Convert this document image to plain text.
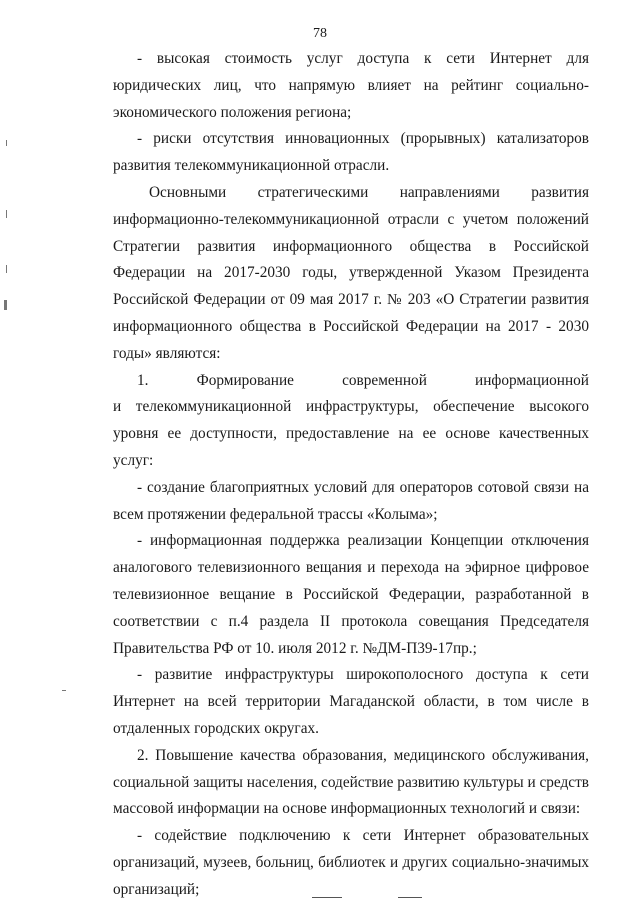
78

- высокая стоимость услуг доступа к сети Интернет для юридических лиц, что напрямую влияет на рейтинг социально-экономического положения региона;

- риски отсутствия инновационных (прорывных) катализаторов развития телекоммуникационной отрасли.

Основными стратегическими направлениями развития информационно-телекоммуникационной отрасли с учетом положений Стратегии развития информационного общества в Российской Федерации на 2017-2030 годы, утвержденной Указом Президента Российской Федерации от 09 мая 2017 г. № 203 «О Стратегии развития информационного общества в Российской Федерации на 2017 - 2030 годы» являются:

1. Формирование современной информационной

и телекоммуникационной инфраструктуры, обеспечение высокого уровня ее доступности, предоставление на ее основе качественных услуг:

- создание благоприятных условий для операторов сотовой связи на всем протяжении федеральной трассы «Колыма»;

- информационная поддержка реализации Концепции отключения аналогового телевизионного вещания и перехода на эфирное цифровое телевизионное вещание в Российской Федерации, разработанной в соответствии с п.4 раздела II протокола совещания Председателя Правительства РФ от 10. июля 2012 г. №ДМ-П39-17пр.;

- развитие инфраструктуры широкополосного доступа к сети Интернет на всей территории Магаданской области, в том числе в отдаленных городских округах.

2. Повышение качества образования, медицинского обслуживания, социальной защиты населения, содействие развитию культуры и средств массовой информации на основе информационных технологий и связи:

- содействие подключению к сети Интернет образовательных организаций, музеев, больниц, библиотек и других социально-значимых организаций;
